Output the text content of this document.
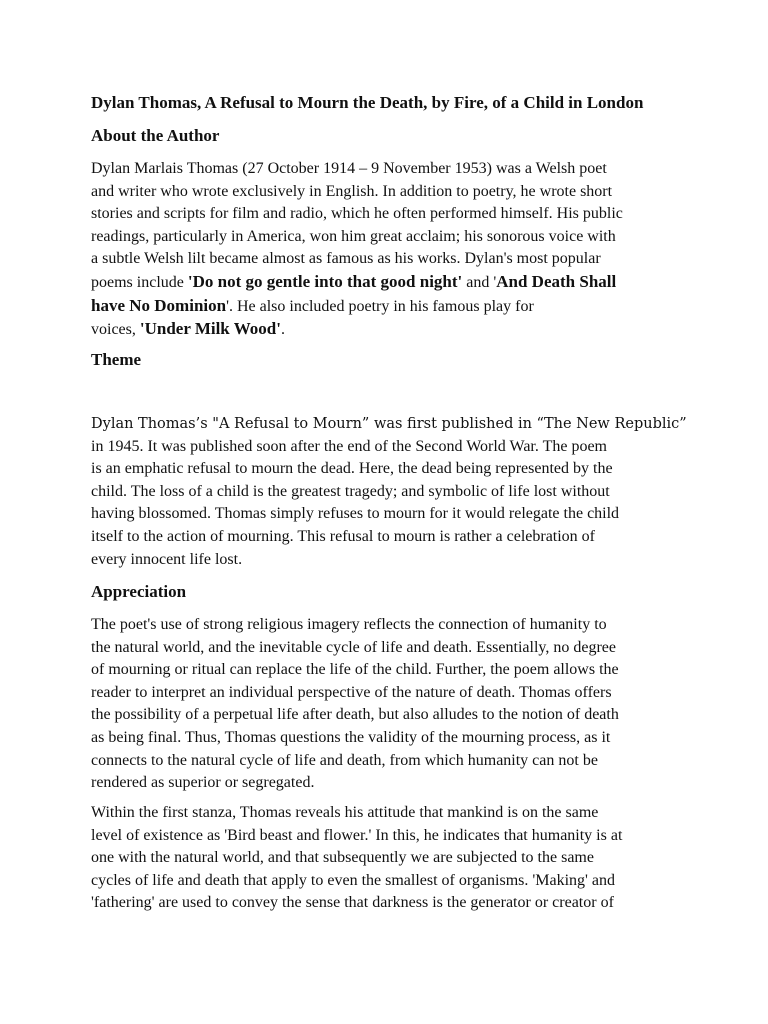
Dylan Thomas, A Refusal to Mourn the Death, by Fire, of a Child in London
About the Author
Dylan Marlais Thomas (27 October 1914 – 9 November 1953) was a Welsh poet
and writer who wrote exclusively in English. In addition to poetry, he wrote short
stories and scripts for film and radio, which he often performed himself. His public
readings, particularly in America, won him great acclaim; his sonorous voice with
a subtle Welsh lilt became almost as famous as his works. Dylan's most popular
poems include 'Do not go gentle into that good night' and 'And Death Shall
have No Dominion'. He also included poetry in his famous play for
voices, 'Under Milk Wood'.
Theme
Dylan Thomas’s "A Refusal to Mourn” was first published in “The New Republic”
in 1945. It was published soon after the end of the Second World War. The poem
is an emphatic refusal to mourn the dead. Here, the dead being represented by the
child. The loss of a child is the greatest tragedy; and symbolic of life lost without
having blossomed. Thomas simply refuses to mourn for it would relegate the child
itself to the action of mourning. This refusal to mourn is rather a celebration of
every innocent life lost.
Appreciation
The poet's use of strong religious imagery reflects the connection of humanity to
the natural world, and the inevitable cycle of life and death. Essentially, no degree
of mourning or ritual can replace the life of the child. Further, the poem allows the
reader to interpret an individual perspective of the nature of death. Thomas offers
the possibility of a perpetual life after death, but also alludes to the notion of death
as being final. Thus, Thomas questions the validity of the mourning process, as it
connects to the natural cycle of life and death, from which humanity can not be
rendered as superior or segregated.
Within the first stanza, Thomas reveals his attitude that mankind is on the same
level of existence as 'Bird beast and flower.' In this, he indicates that humanity is at
one with the natural world, and that subsequently we are subjected to the same
cycles of life and death that apply to even the smallest of organisms. 'Making' and
'fathering' are used to convey the sense that darkness is the generator or creator of
